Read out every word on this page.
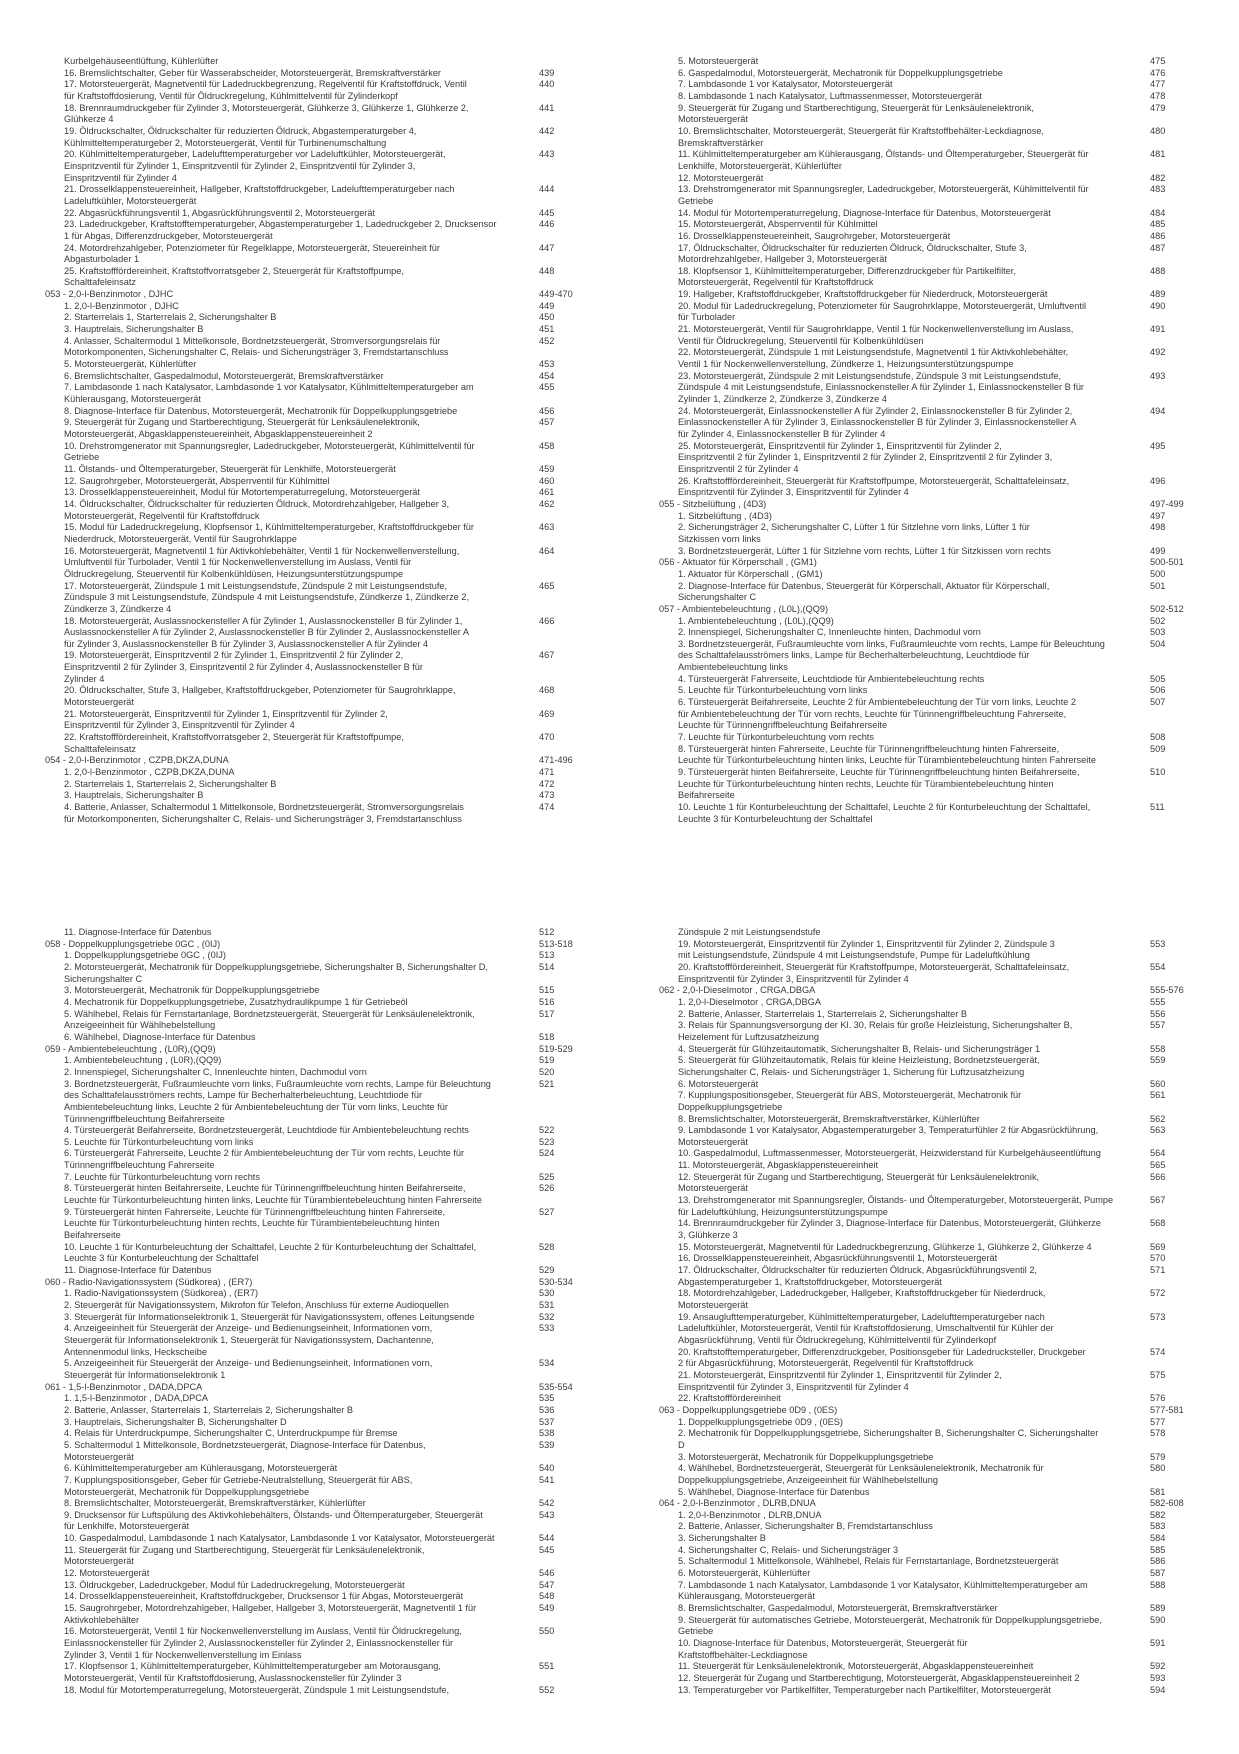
Kurbelgehäuseentlüftung, Kühlerlüfter
16. Bremslichtschalter, Geber für Wasserabscheider, Motorsteuergerät, Bremskraftverstärker	439
17. Motorsteuergerät, Magnetventil für Ladedruckbegrenzung, Regelventil für Kraftstoffdruck, Ventil	440
für Kraftstoffdosierung, Ventil für Öldruckregelung, Kühlmittelventil für Zylinderkopf
18. Brennraumdruckgeber für Zylinder 3, Motorsteuergerät, Glühkerze 3, Glühkerze 1, Glühkerze 2,	441
Glühkerze 4
19. Öldruckschalter, Öldruckschalter für reduzierten Öldruck, Abgastemperaturgeber 4,	442
Kühlmitteltemperaturgeber 2, Motorsteuergerät, Ventil für Turbinenumschaltung
20. Kühlmitteltemperaturgeber, Ladelufttemperaturgeber vor Ladeluftkühler, Motorsteuergerät,	443
Einspritzventil für Zylinder 1, Einspritzventil für Zylinder 2, Einspritzventil für Zylinder 3,
Einspritzventil für Zylinder 4
21. Drosselklappensteuereinheit, Hallgeber, Kraftstoffdruckgeber, Ladelufttemperaturgeber nach	444
Ladeluftkühler, Motorsteuergerät
22. Abgasrückführungsventil 1, Abgasrückführungsventil 2, Motorsteuergerät	445
23. Ladedruckgeber, Kraftstofftemperaturgeber, Abgastemperaturgeber 1, Ladedruckgeber 2, Drucksensor	446
1 für Abgas, Differenzdruckgeber, Motorsteuergerät
24. Motordrehzahlgeber, Potenziometer für Regelklappe, Motorsteuergerät, Steuereinheit für	447
Abgasturbolader 1
25. Kraftstofffördereinheit, Kraftstoffvorratsgeber 2, Steuergerät für Kraftstoffpumpe,	448
Schalttafeleinsatz
053 - 2,0-l-Benzinmotor , DJHC	449-470
1. 2,0-l-Benzinmotor , DJHC	449
2. Starterrelais 1, Starterrelais 2, Sicherungshalter B	450
3. Hauptrelais, Sicherungshalter B	451
4. Anlasser, Schaltermodul 1 Mittelkonsole, Bordnetzsteuergerät, Stromversorgungsrelais für	452
Motorkomponenten, Sicherungshalter C, Relais- und Sicherungsträger 3, Fremdstartanschluss
5. Motorsteuergerät, Kühlerlüfter	453
6. Bremslichtschalter, Gaspedalmodul, Motorsteuergerät, Bremskraftverstärker	454
7. Lambdasonde 1 nach Katalysator, Lambdasonde 1 vor Katalysator, Kühlmitteltemperaturgeber am	455
Kühlerausgang, Motorsteuergerät
8. Diagnose-Interface für Datenbus, Motorsteuergerät, Mechatronik für Doppelkupplungsgetriebe	456
9. Steuergerät für Zugang und Startberechtigung, Steuergerät für Lenksäulenelektronik,	457
Motorsteuergerät, Abgasklappensteuereinheit, Abgasklappensteuereinheit 2
10. Drehstromgenerator mit Spannungsregler, Ladedruckgeber, Motorsteuergerät, Kühlmittelventil für	458
Getriebe
11. Ölstands- und Öltemperaturgeber, Steuergerät für Lenkhilfe, Motorsteuergerät	459
12. Saugrohrgeber, Motorsteuergerät, Absperrventil für Kühlmittel	460
13. Drosselklappensteuereinheit, Modul für Motortemperaturregelung, Motorsteuergerät	461
14. Öldruckschalter, Öldruckschalter für reduzierten Öldruck, Motordrehzahlgeber, Hallgeber 3,	462
Motorsteuergerät, Regelventil für Kraftstoffdruck
15. Modul für Ladedruckregelung, Klopfsensor 1, Kühlmitteltemperaturgeber, Kraftstoffdruckgeber für	463
Niederdruck, Motorsteuergerät, Ventil für Saugrohrklappe
16. Motorsteuergerät, Magnetventil 1 für Aktivkohlebehälter, Ventil 1 für Nockenwellenverstellung,	464
Umluftventil für Turbolader, Ventil 1 für Nockenwellenverstellung im Auslass, Ventil für
Öldruckregelung, Steuerventil für Kolbenkühldüsen, Heizungsunterstützungspumpe
17. Motorsteuergerät, Zündspule 1 mit Leistungsendstufe, Zündspule 2 mit Leistungsendstufe,	465
Zündspule 3 mit Leistungsendstufe, Zündspule 4 mit Leistungsendstufe, Zündkerze 1, Zündkerze 2,
Zündkerze 3, Zündkerze 4
18. Motorsteuergerät, Auslassnockensteller A für Zylinder 1, Auslassnockensteller B für Zylinder 1,	466
Auslassnockensteller A für Zylinder 2, Auslassnockensteller B für Zylinder 2, Auslassnockensteller A
für Zylinder 3, Auslassnockensteller B für Zylinder 3, Auslassnockensteller A für Zylinder 4
19. Motorsteuergerät, Einspritzventil 2 für Zylinder 1, Einspritzventil 2 für Zylinder 2,	467
Einspritzventil 2 für Zylinder 3, Einspritzventil 2 für Zylinder 4, Auslassnockensteller B für
Zylinder 4
20. Öldruckschalter, Stufe 3, Hallgeber, Kraftstoffdruckgeber, Potenziometer für Saugrohrklappe,	468
Motorsteuergerät
21. Motorsteuergerät, Einspritzventil für Zylinder 1, Einspritzventil für Zylinder 2,	469
Einspritzventil für Zylinder 3, Einspritzventil für Zylinder 4
22. Kraftstofffördereinheit, Kraftstoffvorratsgeber 2, Steuergerät für Kraftstoffpumpe,	470
Schalttafeleinsatz
054 - 2,0-l-Benzinmotor , CZPB,DKZA,DUNA	471-496
1. 2,0-l-Benzinmotor , CZPB,DKZA,DUNA	471
2. Starterrelais 1, Starterrelais 2, Sicherungshalter B	472
3. Hauptrelais, Sicherungshalter B	473
4. Batterie, Anlasser, Schaltermodul 1 Mittelkonsole, Bordnetzsteuergerät, Stromversorgungsrelais	474
für Motorkomponenten, Sicherungshalter C, Relais- und Sicherungsträger 3, Fremdstartanschluss
5. Motorsteuergerät	475
6. Gaspedalmodul, Motorsteuergerät, Mechatronik für Doppelkupplungsgetriebe	476
7. Lambdasonde 1 vor Katalysator, Motorsteuergerät	477
8. Lambdasonde 1 nach Katalysator, Luftmassenmesser, Motorsteuergerät	478
9. Steuergerät für Zugang und Startberechtigung, Steuergerät für Lenksäulenelektronik,	479
Motorsteuergerät
10. Bremslichtschalter, Motorsteuergerät, Steuergerät für Kraftstoffbehälter-Leckdiagnose,	480
Bremskraftverstärker
11. Kühlmitteltemperaturgeber am Kühlerausgang, Ölstands- und Öltemperaturgeber, Steuergerät für	481
Lenkhilfe, Motorsteuergerät, Kühlerlüfter
12. Motorsteuergerät	482
13. Drehstromgenerator mit Spannungsregler, Ladedruckgeber, Motorsteuergerät, Kühlmittelventil für	483
Getriebe
14. Modul für Motortemperaturregelung, Diagnose-Interface für Datenbus, Motorsteuergerät	484
15. Motorsteuergerät, Absperrventil für Kühlmittel	485
16. Drosselklappensteuereinheit, Saugrohrgeber, Motorsteuergerät	486
17. Öldruckschalter, Öldruckschalter für reduzierten Öldruck, Öldruckschalter, Stufe 3,	487
Motordrehzahlgeber, Hallgeber 3, Motorsteuergerät
18. Klopfsensor 1, Kühlmitteltemperaturgeber, Differenzdruckgeber für Partikelfilter,	488
Motorsteuergerät, Regelventil für Kraftstoffdruck
19. Hallgeber, Kraftstoffdruckgeber, Kraftstoffdruckgeber für Niederdruck, Motorsteuergerät	489
20. Modul für Ladedruckregelung, Potenziometer für Saugrohrklappe, Motorsteuergerät, Umluftventil	490
für Turbolader
21. Motorsteuergerät, Ventil für Saugrohrklappe, Ventil 1 für Nockenwellenverstellung im Auslass,	491
Ventil für Öldruckregelung, Steuerventil für Kolbenkühldüsen
22. Motorsteuergerät, Zündspule 1 mit Leistungsendstufe, Magnetventil 1 für Aktivkohlebehälter,	492
Ventil 1 für Nockenwellenverstellung, Zündkerze 1, Heizungsunterstützungspumpe
23. Motorsteuergerät, Zündspule 2 mit Leistungsendstufe, Zündspule 3 mit Leistungsendstufe,	493
Zündspule 4 mit Leistungsendstufe, Einlassnockensteller A für Zylinder 1, Einlassnockensteller B für
Zylinder 1, Zündkerze 2, Zündkerze 3, Zündkerze 4
24. Motorsteuergerät, Einlassnockensteller A für Zylinder 2, Einlassnockensteller B für Zylinder 2,	494
Einlassnockensteller A für Zylinder 3, Einlassnockensteller B für Zylinder 3, Einlassnockensteller A
für Zylinder 4, Einlassnockensteller B für Zylinder 4
25. Motorsteuergerät, Einspritzventil für Zylinder 1, Einspritzventil für Zylinder 2,	495
Einspritzventil 2 für Zylinder 1, Einspritzventil 2 für Zylinder 2, Einspritzventil 2 für Zylinder 3,
Einspritzventil 2 für Zylinder 4
26. Kraftstofffördereinheit, Steuergerät für Kraftstoffpumpe, Motorsteuergerät, Schalttafeleinsatz,	496
Einspritzventil für Zylinder 3, Einspritzventil für Zylinder 4
055 - Sitzbelüftung , (4D3)	497-499
1. Sitzbelüftung , (4D3)	497
2. Sicherungsträger 2, Sicherungshalter C, Lüfter 1 für Sitzlehne vorn links, Lüfter 1 für	498
Sitzkissen vorn links
3. Bordnetzsteuergerät, Lüfter 1 für Sitzlehne vorn rechts, Lüfter 1 für Sitzkissen vorn rechts	499
056 - Aktuator für Körperschall , (GM1)	500-501
1. Aktuator für Körperschall , (GM1)	500
2. Diagnose-Interface für Datenbus, Steuergerät für Körperschall, Aktuator für Körperschall,	501
Sicherungshalter C
057 - Ambientebeleuchtung , (L0L),(QQ9)	502-512
1. Ambientebeleuchtung , (L0L),(QQ9)	502
2. Innenspiegel, Sicherungshalter C, Innenleuchte hinten, Dachmodul vorn	503
3. Bordnetzsteuergerät, Fußraumleuchte vorn links, Fußraumleuchte vorn rechts, Lampe für Beleuchtung	504
des Schalttafelausströmers links, Lampe für Becherhalterbeleuchtung, Leuchtdiode für
Ambientebeleuchtung links
4. Türsteuergerät Fahrerseite, Leuchtdiode für Ambientebeleuchtung rechts	505
5. Leuchte für Türkonturbeleuchtung vorn links	506
6. Türsteuergerät Beifahrerseite, Leuchte 2 für Ambientebeleuchtung der Tür vorn links, Leuchte 2	507
für Ambientebeleuchtung der Tür vorn rechts, Leuchte für Türinnengriffbeleuchtung Fahrerseite,
Leuchte für Türinnengriffbeleuchtung Beifahrerseite
7. Leuchte für Türkonturbeleuchtung vorn rechts	508
8. Türsteuergerät hinten Fahrerseite, Leuchte für Türinnengriffbeleuchtung hinten Fahrerseite,	509
Leuchte für Türkonturbeleuchtung hinten links, Leuchte für Türambientebeleuchtung hinten Fahrerseite
9. Türsteuergerät hinten Beifahrerseite, Leuchte für Türinnengriffbeleuchtung hinten Beifahrerseite,	510
Leuchte für Türkonturbeleuchtung hinten rechts, Leuchte für Türambientebeleuchtung hinten
Beifahrerseite
10. Leuchte 1 für Konturbeleuchtung der Schalttafel, Leuchte 2 für Konturbeleuchtung der Schalttafel,	511
Leuchte 3 für Konturbeleuchtung der Schalttafel
11. Diagnose-Interface für Datenbus	512
058 - Doppelkupplungsgetriebe 0GC , (0IJ)	513-518
1. Doppelkupplungsgetriebe 0GC , (0IJ)	513
2. Motorsteuergerät, Mechatronik für Doppelkupplungsgetriebe, Sicherungshalter B, Sicherungshalter D,	514
Sicherungshalter C
3. Motorsteuergerät, Mechatronik für Doppelkupplungsgetriebe	515
4. Mechatronik für Doppelkupplungsgetriebe, Zusatzhydraulikpumpe 1 für Getriebeöl	516
5. Wählhebel, Relais für Fernstartanlage, Bordnetzsteuergerät, Steuergerät für Lenksäulenelektronik,	517
Anzeigeeinheit für Wählhebelstellung
6. Wählhebel, Diagnose-Interface für Datenbus	518
059 - Ambientebeleuchtung , (L0R),(QQ9)	519-529
1. Ambientebeleuchtung , (L0R),(QQ9)	519
2. Innenspiegel, Sicherungshalter C, Innenleuchte hinten, Dachmodul vorn	520
3. Bordnetzsteuergerät, Fußraumleuchte vorn links, Fußraumleuchte vorn rechts, Lampe für Beleuchtung	521
des Schalttafelausströmers rechts, Lampe für Becherhalterbeleuchtung, Leuchtdiode für
Ambientebeleuchtung links, Leuchte 2 für Ambientebeleuchtung der Tür vorn links, Leuchte für
Türinnengriffbeleuchtung Beifahrerseite
4. Türsteuergerät Beifahrerseite, Bordnetzsteuergerät, Leuchtdiode für Ambientebeleuchtung rechts	522
5. Leuchte für Türkonturbeleuchtung vorn links	523
6. Türsteuergerät Fahrerseite, Leuchte 2 für Ambientebeleuchtung der Tür vorn rechts, Leuchte für	524
Türinnengriffbeleuchtung Fahrerseite
7. Leuchte für Türkonturbeleuchtung vorn rechts	525
8. Türsteuergerät hinten Beifahrerseite, Leuchte für Türinnengriffbeleuchtung hinten Beifahrerseite,	526
Leuchte für Türkonturbeleuchtung hinten links, Leuchte für Türambientebeleuchtung hinten Fahrerseite
9. Türsteuergerät hinten Fahrerseite, Leuchte für Türinnengriffbeleuchtung hinten Fahrerseite,	527
Leuchte für Türkonturbeleuchtung hinten rechts, Leuchte für Türambientebeleuchtung hinten
Beifahrerseite
10. Leuchte 1 für Konturbeleuchtung der Schalttafel, Leuchte 2 für Konturbeleuchtung der Schalttafel,	528
Leuchte 3 für Konturbeleuchtung der Schalttafel
11. Diagnose-Interface für Datenbus	529
060 - Radio-Navigationssystem (Südkorea) , (ER7)	530-534
1. Radio-Navigationssystem (Südkorea) , (ER7)	530
2. Steuergerät für Navigationssystem, Mikrofon für Telefon, Anschluss für externe Audioquellen	531
3. Steuergerät für Informationselektronik 1, Steuergerät für Navigationssystem, offenes Leitungsende	532
4. Anzeigeeinheit für Steuergerät der Anzeige- und Bedienungseinheit, Informationen vorn,	533
Steuergerät für Informationselektronik 1, Steuergerät für Navigationssystem, Dachantenne,
Antennenmodul links, Heckscheibe
5. Anzeigeeinheit für Steuergerät der Anzeige- und Bedienungseinheit, Informationen vorn,	534
Steuergerät für Informationselektronik 1
061 - 1,5-l-Benzinmotor , DADA,DPCA	535-554
1. 1,5-l-Benzinmotor , DADA,DPCA	535
2. Batterie, Anlasser, Starterrelais 1, Starterrelais 2, Sicherungshalter B	536
3. Hauptrelais, Sicherungshalter B, Sicherungshalter D	537
4. Relais für Unterdruckpumpe, Sicherungshalter C, Unterdruckpumpe für Bremse	538
5. Schaltermodul 1 Mittelkonsole, Bordnetzsteuergerät, Diagnose-Interface für Datenbus,	539
Motorsteuergerät
6. Kühlmitteltemperaturgeber am Kühlerausgang, Motorsteuergerät	540
7. Kupplungspositionsgeber, Geber für Getriebe-Neutralstellung, Steuergerät für ABS,	541
Motorsteuergerät, Mechatronik für Doppelkupplungsgetriebe
8. Bremslichtschalter, Motorsteuergerät, Bremskraftverstärker, Kühlerlüfter	542
9. Drucksensor für Luftspülung des Aktivkohlebehälters, Ölstands- und Öltemperaturgeber, Steuergerät	543
für Lenkhilfe, Motorsteuergerät
10. Gaspedalmodul, Lambdasonde 1 nach Katalysator, Lambdasonde 1 vor Katalysator, Motorsteuergerät	544
11. Steuergerät für Zugang und Startberechtigung, Steuergerät für Lenksäulenelektronik,	545
Motorsteuergerät
12. Motorsteuergerät	546
13. Öldruckgeber, Ladedruckgeber, Modul für Ladedruckregelung, Motorsteuergerät	547
14. Drosselklappensteuereinheit, Kraftstoffdruckgeber, Drucksensor 1 für Abgas, Motorsteuergerät	548
15. Saugrohrgeber, Motordrehzahlgeber, Hallgeber, Hallgeber 3, Motorsteuergerät, Magnetventil 1 für	549
Aktivkohlebehälter
16. Motorsteuergerät, Ventil 1 für Nockenwellenverstellung im Auslass, Ventil für Öldruckregelung,	550
Einlassnockensteller für Zylinder 2, Auslassnockensteller für Zylinder 2, Einlassnockensteller für
Zylinder 3, Ventil 1 für Nockenwellenverstellung im Einlass
17. Klopfsensor 1, Kühlmitteltemperaturgeber, Kühlmitteltemperaturgeber am Motorausgang,	551
Motorsteuergerät, Ventil für Kraftstoffdosierung, Auslassnockensteller für Zylinder 3
18. Modul für Motortemperaturregelung, Motorsteuergerät, Zündspule 1 mit Leistungsendstufe,	552
Zündspule 2 mit Leistungsendstufe
19. Motorsteuergerät, Einspritzventil für Zylinder 1, Einspritzventil für Zylinder 2, Zündspule 3	553
mit Leistungsendstufe, Zündspule 4 mit Leistungsendstufe, Pumpe für Ladeluftkühlung
20. Kraftstofffördereinheit, Steuergerät für Kraftstoffpumpe, Motorsteuergerät, Schalttafeleinsatz,	554
Einspritzventil für Zylinder 3, Einspritzventil für Zylinder 4
062 - 2,0-l-Dieselmotor , CRGA,DBGA	555-576
1. 2,0-l-Dieselmotor , CRGA,DBGA	555
2. Batterie, Anlasser, Starterrelais 1, Starterrelais 2, Sicherungshalter B	556
3. Relais für Spannungsversorgung der Kl. 30, Relais für große Heizleistung, Sicherungshalter B,	557
Heizelement für Luftzusatzheizung
4. Steuergerät für Glühzeitautomatik, Sicherungshalter B, Relais- und Sicherungsträger 1	558
5. Steuergerät für Glühzeitautomatik, Relais für kleine Heizleistung, Bordnetzsteuergerät,	559
Sicherungshalter C, Relais- und Sicherungsträger 1, Sicherung für Luftzusatzheizung
6. Motorsteuergerät	560
7. Kupplungspositionsgeber, Steuergerät für ABS, Motorsteuergerät, Mechatronik für	561
Doppelkupplungsgetriebe
8. Bremslichtschalter, Motorsteuergerät, Bremskraftverstärker, Kühlerlüfter	562
9. Lambdasonde 1 vor Katalysator, Abgastemperaturgeber 3, Temperaturfühler 2 für Abgasrückführung,	563
Motorsteuergerät
10. Gaspedalmodul, Luftmassenmesser, Motorsteuergerät, Heizwiderstand für Kurbelgehäuseentlüftung	564
11. Motorsteuergerät, Abgasklappensteuereinheit	565
12. Steuergerät für Zugang und Startberechtigung, Steuergerät für Lenksäulenelektronik,	566
Motorsteuergerät
13. Drehstromgenerator mit Spannungsregler, Ölstands- und Öltemperaturgeber, Motorsteuergerät, Pumpe	567
für Ladeluftkühlung, Heizungsunterstützungspumpe
14. Brennraumdruckgeber für Zylinder 3, Diagnose-Interface für Datenbus, Motorsteuergerät, Glühkerze	568
3, Glühkerze 3
15. Motorsteuergerät, Magnetventil für Ladedruckbegrenzung, Glühkerze 1, Glühkerze 2, Glühkerze 4	569
16. Drosselklappensteuereinheit, Abgasrückführungsventil 1, Motorsteuergerät	570
17. Öldruckschalter, Öldruckschalter für reduzierten Öldruck, Abgasrückführungsventil 2,	571
Abgastemperaturgeber 1, Kraftstoffdruckgeber, Motorsteuergerät
18. Motordrehzahlgeber, Ladedruckgeber, Hallgeber, Kraftstoffdruckgeber für Niederdruck,	572
Motorsteuergerät
19. Ansauglufttemperaturgeber, Kühlmitteltemperaturgeber, Ladelufttemperaturgeber nach	573
Ladeluftkühler, Motorsteuergerät, Ventil für Kraftstoffdosierung, Umschaltventil für Kühler der
Abgasrückführung, Ventil für Öldruckregelung, Kühlmittelventil für Zylinderkopf
20. Kraftstofftemperaturgeber, Differenzdruckgeber, Positionsgeber für Ladedrucksteller, Druckgeber	574
2 für Abgasrückführung, Motorsteuergerät, Regelventil für Kraftstoffdruck
21. Motorsteuergerät, Einspritzventil für Zylinder 1, Einspritzventil für Zylinder 2,	575
Einspritzventil für Zylinder 3, Einspritzventil für Zylinder 4
22. Kraftstofffördereinheit	576
063 - Doppelkupplungsgetriebe 0D9 , (0ES)	577-581
1. Doppelkupplungsgetriebe 0D9 , (0ES)	577
2. Mechatronik für Doppelkupplungsgetriebe, Sicherungshalter B, Sicherungshalter C, Sicherungshalter	578
D
3. Motorsteuergerät, Mechatronik für Doppelkupplungsgetriebe	579
4. Wählhebel, Bordnetzsteuergerät, Steuergerät für Lenksäulenelektronik, Mechatronik für	580
Doppelkupplungsgetriebe, Anzeigeeinheit für Wählhebelstellung
5. Wählhebel, Diagnose-Interface für Datenbus	581
064 - 2,0-l-Benzinmotor , DLRB,DNUA	582-608
1. 2,0-l-Benzinmotor , DLRB,DNUA	582
2. Batterie, Anlasser, Sicherungshalter B, Fremdstartanschluss	583
3. Sicherungshalter B	584
4. Sicherungshalter C, Relais- und Sicherungsträger 3	585
5. Schaltermodul 1 Mittelkonsole, Wählhebel, Relais für Fernstartanlage, Bordnetzsteuergerät	586
6. Motorsteuergerät, Kühlerlüfter	587
7. Lambdasonde 1 nach Katalysator, Lambdasonde 1 vor Katalysator, Kühlmitteltemperaturgeber am	588
Kühlerausgang, Motorsteuergerät
8. Bremslichtschalter, Gaspedalmodul, Motorsteuergerät, Bremskraftverstärker	589
9. Steuergerät für automatisches Getriebe, Motorsteuergerät, Mechatronik für Doppelkupplungsgetriebe,	590
Getriebe
10. Diagnose-Interface für Datenbus, Motorsteuergerät, Steuergerät für	591
Kraftstoffbehälter-Leckdiagnose
11. Steuergerät für Lenksäulenelektronik, Motorsteuergerät, Abgasklappensteuereinheit	592
12. Steuergerät für Zugang und Startberechtigung, Motorsteuergerät, Abgasklappensteuereinheit 2	593
13. Temperaturgeber vor Partikelfilter, Temperaturgeber nach Partikelfilter, Motorsteuergerät	594
